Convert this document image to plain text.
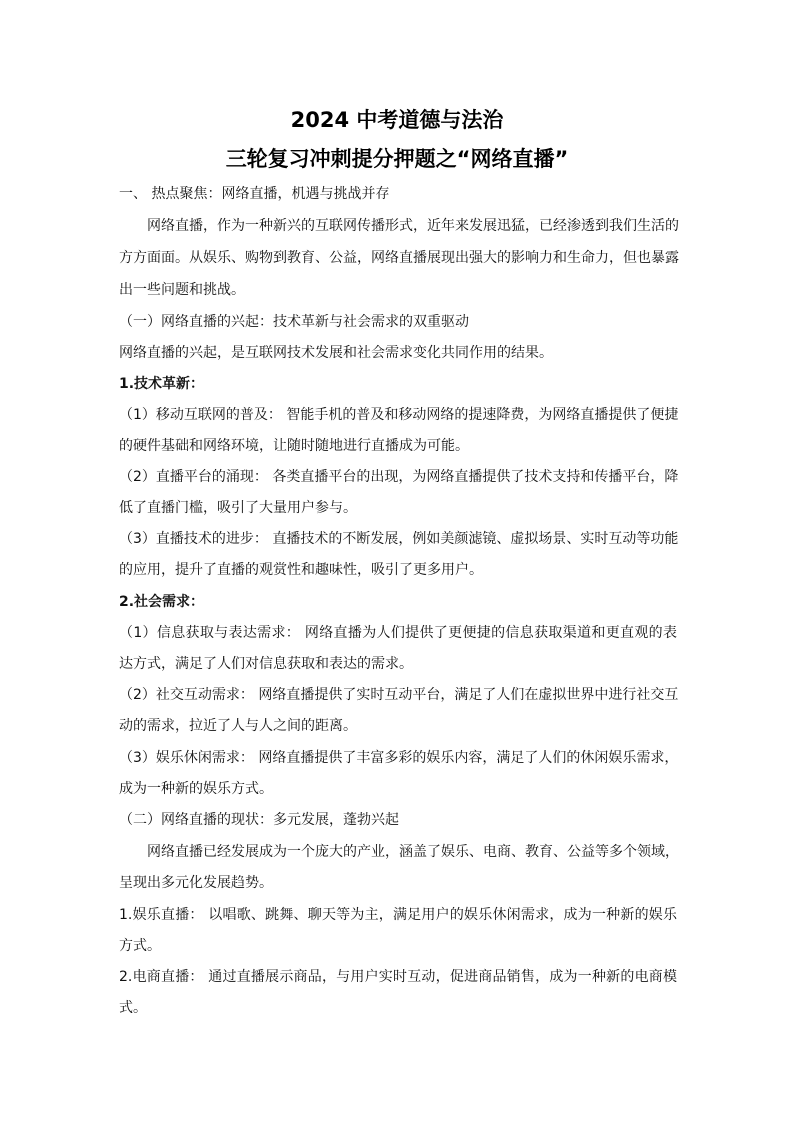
2024 中考道德与法治
三轮复习冲刺提分押题之“网络直播”
一、 热点聚焦：网络直播，机遇与挑战并存
网络直播，作为一种新兴的互联网传播形式，近年来发展迅猛，已经渗透到我们生活的
方方面面。从娱乐、购物到教育、公益，网络直播展现出强大的影响力和生命力，但也暴露
出一些问题和挑战。
（一）网络直播的兴起：技术革新与社会需求的双重驱动
网络直播的兴起，是互联网技术发展和社会需求变化共同作用的结果。
1.技术革新：
（1）移动互联网的普及： 智能手机的普及和移动网络的提速降费，为网络直播提供了便捷
的硬件基础和网络环境，让随时随地进行直播成为可能。
（2）直播平台的涌现： 各类直播平台的出现，为网络直播提供了技术支持和传播平台，降
低了直播门槛，吸引了大量用户参与。
（3）直播技术的进步： 直播技术的不断发展，例如美颜滤镜、虚拟场景、实时互动等功能
的应用，提升了直播的观赏性和趣味性，吸引了更多用户。
2.社会需求：
（1）信息获取与表达需求： 网络直播为人们提供了更便捷的信息获取渠道和更直观的表
达方式，满足了人们对信息获取和表达的需求。
（2）社交互动需求： 网络直播提供了实时互动平台，满足了人们在虚拟世界中进行社交互
动的需求，拉近了人与人之间的距离。
（3）娱乐休闲需求： 网络直播提供了丰富多彩的娱乐内容，满足了人们的休闲娱乐需求，
成为一种新的娱乐方式。
（二）网络直播的现状：多元发展，蓬勃兴起
网络直播已经发展成为一个庞大的产业，涵盖了娱乐、电商、教育、公益等多个领域，
呈现出多元化发展趋势。
1.娱乐直播： 以唱歌、跳舞、聊天等为主，满足用户的娱乐休闲需求，成为一种新的娱乐
方式。
2.电商直播： 通过直播展示商品，与用户实时互动，促进商品销售，成为一种新的电商模
式。
